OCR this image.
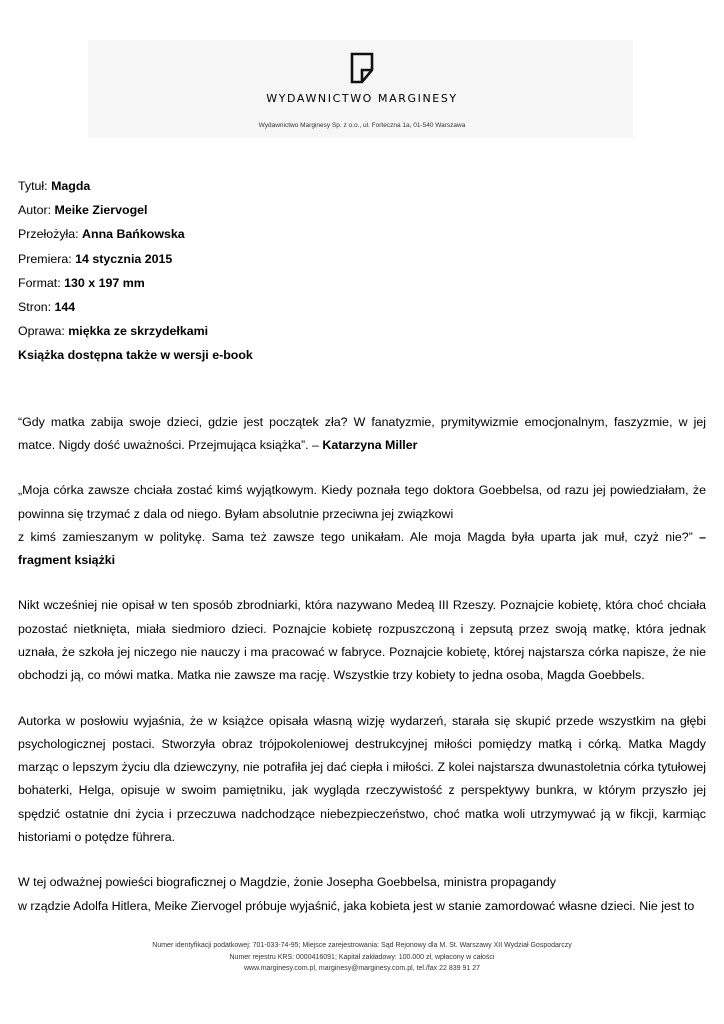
WYDAWNICTWO MARGINESY
Wydawnictwo Marginesy Sp. z o.o., ul. Forteczna 1a, 01-540 Warszawa
Tytuł: Magda
Autor: Meike Ziervogel
Przełożyła: Anna Bańkowska
Premiera: 14 stycznia 2015
Format: 130 x 197 mm
Stron: 144
Oprawa: miękka ze skrzydełkami
Książka dostępna także w wersji e-book

“Gdy matka zabija swoje dzieci, gdzie jest początek zła? W fanatyzmie, prymitywizmie emocjonalnym, faszyzmie, w jej matce. Nigdy dość uważności. Przejmująca książka”. – Katarzyna Miller

„Moja córka zawsze chciała zostać kimś wyjątkowym. Kiedy poznała tego doktora Goebbelsa, od razu jej powiedziałam, że powinna się trzymać z dala od niego. Byłam absolutnie przeciwna jej związkowi
z kimś zamieszanym w politykę. Sama też zawsze tego unikałam. Ale moja Magda była uparta jak muł, czyż nie?” – fragment książki

Nikt wcześniej nie opisał w ten sposób zbrodniarki, która nazywano Medeą III Rzeszy. Poznajcie kobietę, która choć chciała pozostać nietknięta, miała siedmioro dzieci. Poznajcie kobietę rozpuszczoną i zepsutą przez swoją matkę, która jednak uznała, że szkoła jej niczego nie nauczy i ma pracować w fabryce. Poznajcie kobietę, której najstarsza córka napisze, że nie obchodzi ją, co mówi matka. Matka nie zawsze ma rację. Wszystkie trzy kobiety to jedna osoba, Magda Goebbels.

Autorka w posłowiu wyjaśnia, że w książce opisała własną wizję wydarzeń, starała się skupić przede wszystkim na głębi psychologicznej postaci. Stworzyła obraz trójpokoleniowej destrukcyjnej miłości pomiędzy matką i córką. Matka Magdy marząc o lepszym życiu dla dziewczyny, nie potrafiła jej dać ciepła i miłości. Z kolei najstarsza dwunastoletnia córka tytułowej bohaterki, Helga, opisuje w swoim pamiętniku, jak wygląda rzeczywistość z perspektywy bunkra, w którym przyszło jej spędzić ostatnie dni życia i przeczuwa nadchodzące niebezpieczeństwo, choć matka woli utrzymywać ją w fikcji, karmiąc historiami o potędze führera.

W tej odważnej powieści biograficznej o Magdzie, żonie Josepha Goebbelsa, ministra propagandy
w rządzie Adolfa Hitlera, Meike Ziervogel próbuje wyjaśnić, jaka kobieta jest w stanie zamordować własne dzieci. Nie jest to

Numer identyfikacji podatkowej: 701-033-74-95; Miejsce zarejestrowania: Sąd Rejonowy dla M. St. Warszawy XII Wydział Gospodarczy
Numer rejestru KRS: 0000416091; Kapitał zakładowy: 100.000 zł, wpłacony w całości
www.marginesy.com.pl, marginesy@marginesy.com.pl, tel./fax 22 839 91 27
